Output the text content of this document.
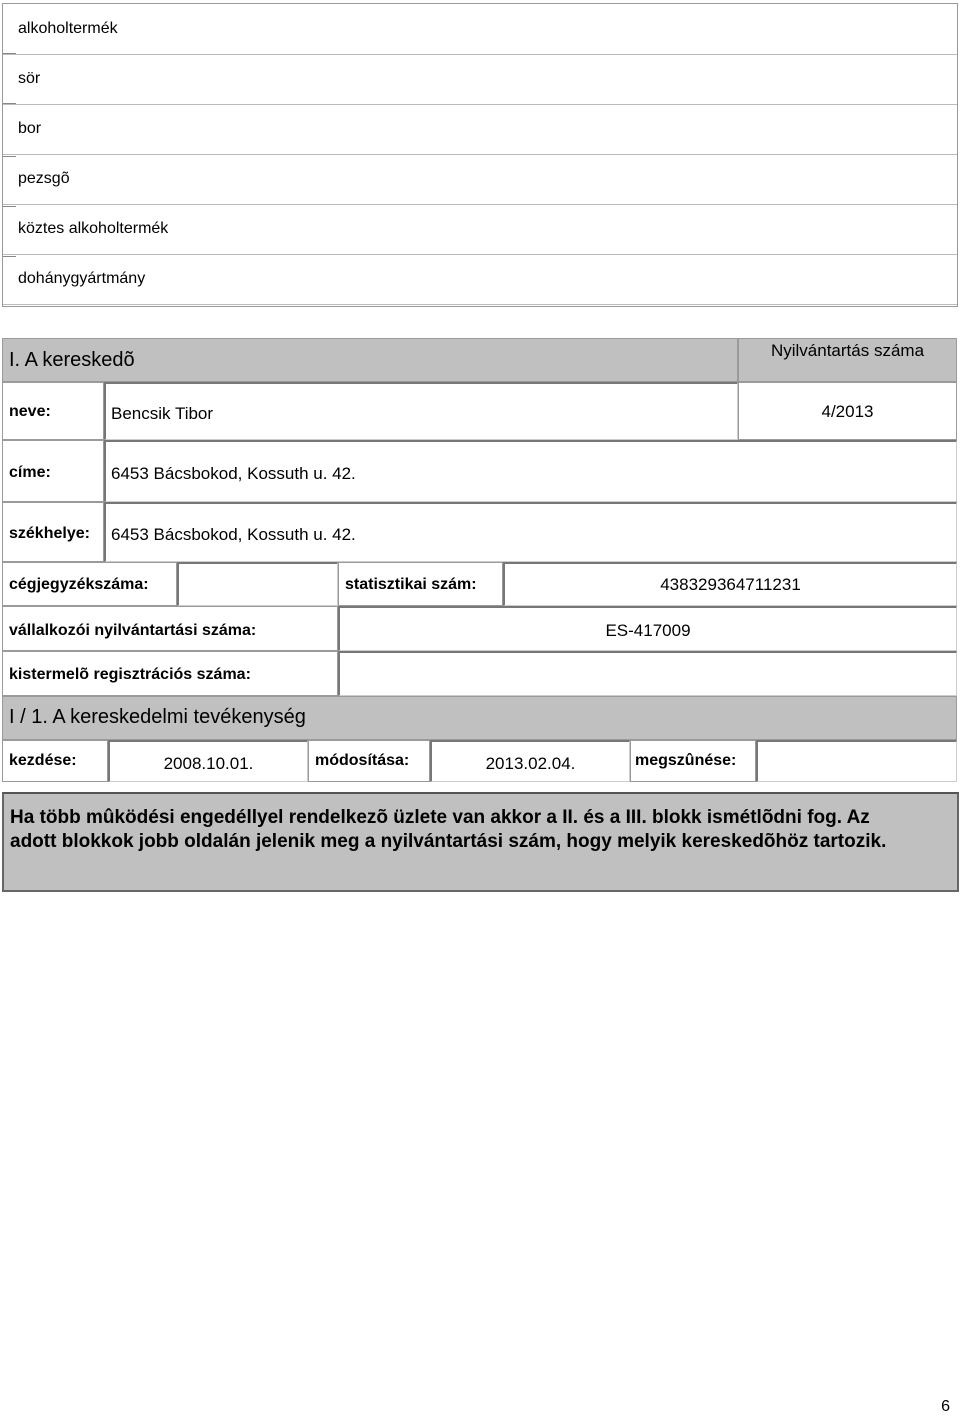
alkoholtermék
sör
bor
pezsgõ
köztes alkoholtermék
dohánygyártmány
I. A kereskedõ	Nyilvántartás száma
neve:	Bencsik Tibor	4/2013
címe:	6453 Bácsbokod, Kossuth u. 42.
székhelye: 6453 Bácsbokod, Kossuth u. 42.
cégjegyzékszáma:	statisztikai szám:	438329364711231
vállalkozói nyilvántartási száma:	ES-417009
kistermelõ regisztrációs száma:
I / 1. A kereskedelmi tevékenység
kezdése:	2008.10.01.	módosítása:	2013.02.04.	megszûnése:
Ha több mûködési engedéllyel rendelkezõ üzlete van akkor a II. és a III. blokk ismétlõdni fog. Az adott blokkok jobb oldalán jelenik meg a nyilvántartási szám, hogy melyik kereskedõhöz tartozik.
6
